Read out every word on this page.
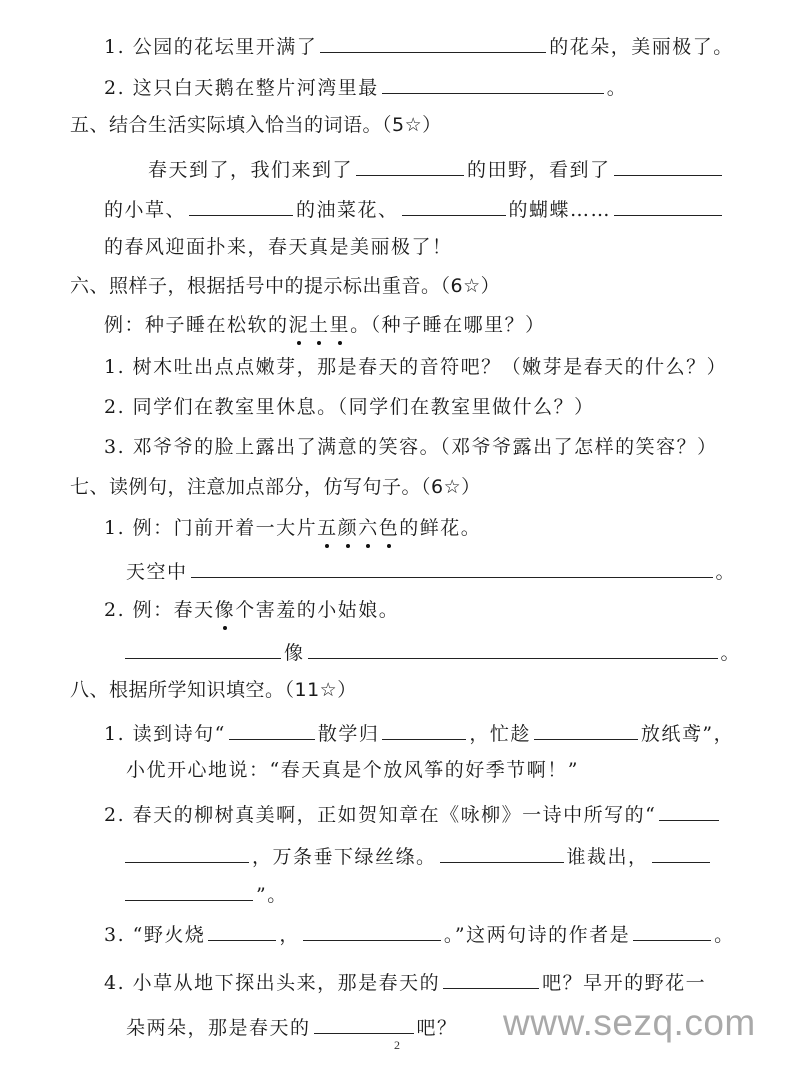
1. 公园的花坛里开满了	的花朵，美丽极了。
2. 这只白天鹅在整片河湾里最	。
五、结合生活实际填入恰当的词语。（5☆）
春天到了，我们来到了	的田野，看到了
的小草、	的油菜花、	的蝴蝶……
的春风迎面扑来，春天真是美丽极了！
六、照样子，根据括号中的提示标出重音。（6☆）
例：种子睡在松软的泥土里。（种子睡在哪里？）
1. 树木吐出点点嫩芽，那是春天的音符吧？（嫩芽是春天的什么？）
2. 同学们在教室里休息。（同学们在教室里做什么？）
3. 邓爷爷的脸上露出了满意的笑容。（邓爷爷露出了怎样的笑容？）
七、读例句，注意加点部分，仿写句子。（6☆）
1. 例：门前开着一大片五颜六色的鲜花。
天空中	。
2. 例：春天像个害羞的小姑娘。
像	。
八、根据所学知识填空。（11☆）
1. 读到诗句“	散学归	，忙趁	放纸鸢”，
小优开心地说：“春天真是个放风筝的好季节啊！”
2. 春天的柳树真美啊，正如贺知章在《咏柳》一诗中所写的“
，万条垂下绿丝绦。	谁裁出，
”。
3. “野火烧	，	。”这两句诗的作者是	。
4. 小草从地下探出头来，那是春天的	吧？早开的野花一
朵两朵，那是春天的	吧？ www.sezq.com
2
